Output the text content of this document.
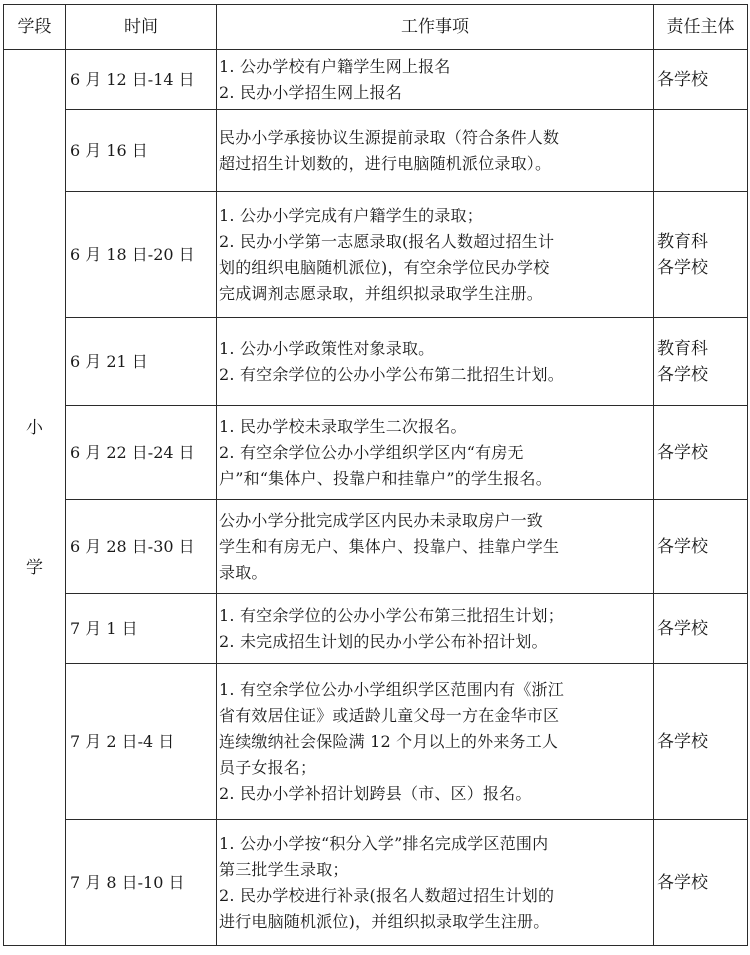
学段	时间	工作事项	责任主体

小
学	6 月 12 日-14 日	1. 公办学校有户籍学生网上报名
2. 民办小学招生网上报名	各学校

	6 月 16 日	民办小学承接协议生源提前录取（符合条件人数
超过招生计划数的，进行电脑随机派位录取）。	

	6 月 18 日-20 日	1. 公办小学完成有户籍学生的录取；
2. 民办小学第一志愿录取(报名人数超过招生计
划的组织电脑随机派位)，有空余学位民办学校
完成调剂志愿录取，并组织拟录取学生注册。	教育科
各学校

	6 月 21 日	1. 公办小学政策性对象录取。
2. 有空余学位的公办小学公布第二批招生计划。	教育科
各学校

	6 月 22 日-24 日	1. 民办学校未录取学生二次报名。
2. 有空余学位公办小学组织学区内“有房无
户”和“集体户、投靠户和挂靠户”的学生报名。	各学校

	6 月 28 日-30 日	公办小学分批完成学区内民办未录取房户一致
学生和有房无户、集体户、投靠户、挂靠户学生
录取。	各学校

	7 月 1 日	1. 有空余学位的公办小学公布第三批招生计划；
2. 未完成招生计划的民办小学公布补招计划。	各学校

	7 月 2 日-4 日	1. 有空余学位公办小学组织学区范围内有《浙江
省有效居住证》或适龄儿童父母一方在金华市区
连续缴纳社会保险满 12 个月以上的外来务工人
员子女报名；
2. 民办小学补招计划跨县（市、区）报名。	各学校

	7 月 8 日-10 日	1. 公办小学按“积分入学”排名完成学区范围内
第三批学生录取；
2. 民办学校进行补录(报名人数超过招生计划的
进行电脑随机派位)，并组织拟录取学生注册。	各学校
